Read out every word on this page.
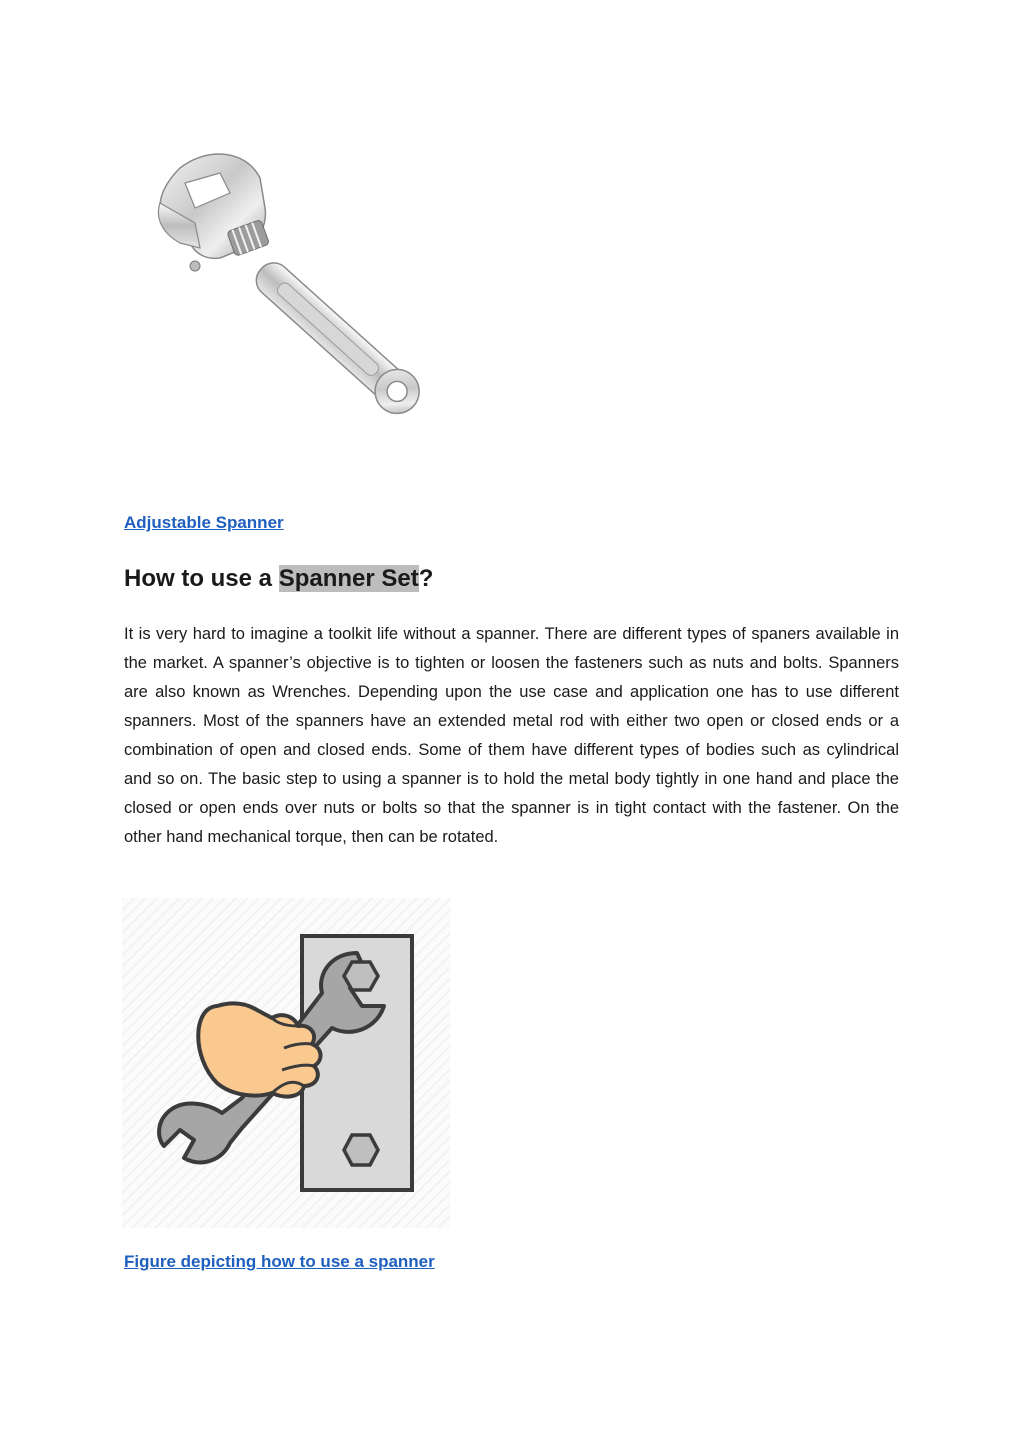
Adjustable Spanner
How to use a Spanner Set?

It is very hard to imagine a toolkit life without a spanner. There are different types of spaners available in the market. A spanner’s objective is to tighten or loosen the fasteners such as nuts and bolts. Spanners are also known as Wrenches. Depending upon the use case and application one has to use different spanners. Most of the spanners have an extended metal rod with either two open or closed ends or a combination of open and closed ends. Some of them have different types of bodies such as cylindrical and so on. The basic step to using a spanner is to hold the metal body tightly in one hand and place the closed or open ends over nuts or bolts so that the spanner is in tight contact with the fastener. On the other hand mechanical torque, then can be rotated.

Figure depicting how to use a spanner
